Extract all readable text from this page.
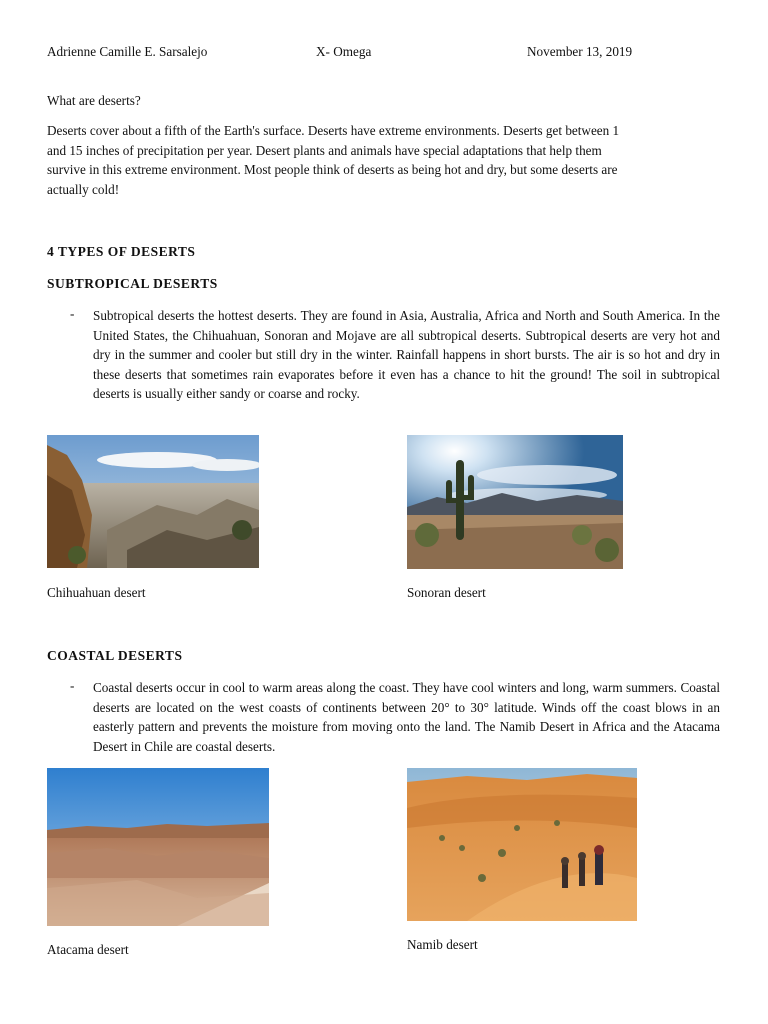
Adrienne Camille E. Sarsalejo	X- Omega	November 13, 2019
What are deserts?
Deserts cover about a fifth of the Earth's surface. Deserts have extreme environments. Deserts get between 1
and 15 inches of precipitation per year. Desert plants and animals have special adaptations that help them
survive in this extreme environment. Most people think of deserts as being hot and dry, but some deserts are
actually cold!
4 TYPES OF DESERTS
SUBTROPICAL DESERTS
- Subtropical deserts the hottest deserts. They are found in Asia, Australia, Africa and North and South America. In the United States, the Chihuahuan, Sonoran and Mojave are all subtropical deserts. Subtropical deserts are very hot and dry in the summer and cooler but still dry in the winter. Rainfall happens in short bursts. The air is so hot and dry in these deserts that sometimes rain evaporates before it even has a chance to hit the ground! The soil in subtropical deserts is usually either sandy or coarse and rocky.
Chihuahuan desert	Sonoran desert
COASTAL DESERTS
- Coastal deserts occur in cool to warm areas along the coast. They have cool winters and long, warm summers. Coastal deserts are located on the west coasts of continents between 20° to 30° latitude. Winds off the coast blows in an easterly pattern and prevents the moisture from moving onto the land. The Namib Desert in Africa and the Atacama Desert in Chile are coastal deserts.
Atacama desert	Namib desert
